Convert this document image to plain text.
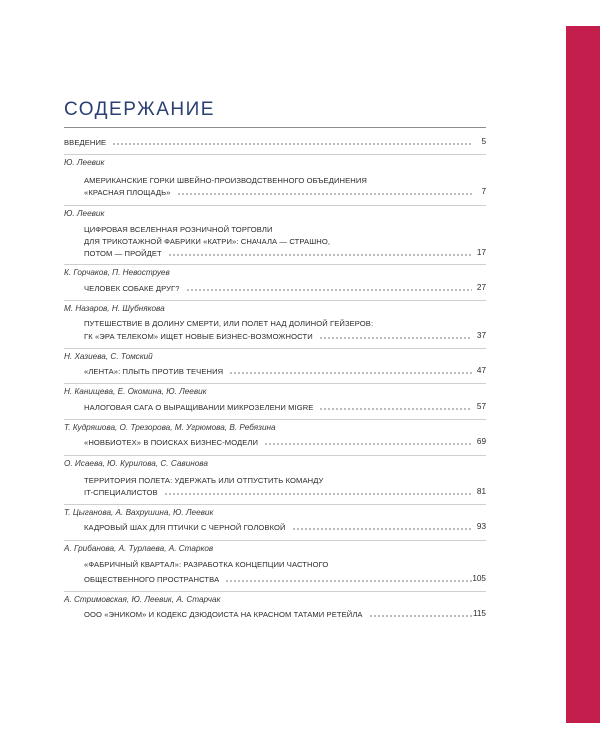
СОДЕРЖАНИЕ
ВВЕДЕНИЕ	5
Ю. Леевик
АМЕРИКАНСКИЕ ГОРКИ ШВЕЙНО-ПРОИЗВОДСТВЕННОГО ОБЪЕДИНЕНИЯ
«КРАСНАЯ ПЛОЩАДЬ»	7
Ю. Леевик
ЦИФРОВАЯ ВСЕЛЕННАЯ РОЗНИЧНОЙ ТОРГОВЛИ
ДЛЯ ТРИКОТАЖНОЙ ФАБРИКИ «КАТРИ»: СНАЧАЛА — СТРАШНО,
ПОТОМ — ПРОЙДЕТ	17
К. Горчаков, П. Невоструев
ЧЕЛОВЕК СОБАКЕ ДРУГ?	27
М. Назаров, Н. Шубнякова
ПУТЕШЕСТВИЕ В ДОЛИНУ СМЕРТИ, ИЛИ ПОЛЕТ НАД ДОЛИНОЙ ГЕЙЗЕРОВ:
ГК «ЭРА ТЕЛЕКОМ» ИЩЕТ НОВЫЕ БИЗНЕС-ВОЗМОЖНОСТИ	37
Н. Хазиева, С. Томский
«ЛЕНТА»: ПЛЫТЬ ПРОТИВ ТЕЧЕНИЯ	47
Н. Канищева, Е. Окомина, Ю. Леевик
НАЛОГОВАЯ САГА О ВЫРАЩИВАНИИ МИКРОЗЕЛЕНИ MIGRE	57
Т. Кудряшова, О. Трезорова, М. Угрюмова, В. Ребязина
«НОВБИОТЕХ» В ПОИСКАХ БИЗНЕС-МОДЕЛИ	69
О. Исаева, Ю. Курилова, С. Савинова
ТЕРРИТОРИЯ ПОЛЕТА: УДЕРЖАТЬ ИЛИ ОТПУСТИТЬ КОМАНДУ
IT-СПЕЦИАЛИСТОВ	81
Т. Цыганова, А. Вахрушина, Ю. Леевик
КАДРОВЫЙ ШАХ ДЛЯ ПТИЧКИ С ЧЕРНОЙ ГОЛОВКОЙ	93
А. Грибанова, А. Турлаева, А. Старков
«ФАБРИЧНЫЙ КВАРТАЛ»: РАЗРАБОТКА КОНЦЕПЦИИ ЧАСТНОГО
ОБЩЕСТВЕННОГО ПРОСТРАНСТВА	105
А. Стримовская, Ю. Леевик, А. Старчак
ООО «ЭНИКОМ» И КОДЕКС ДЗЮДОИСТА НА КРАСНОМ ТАТАМИ РЕТЕЙЛА	115
